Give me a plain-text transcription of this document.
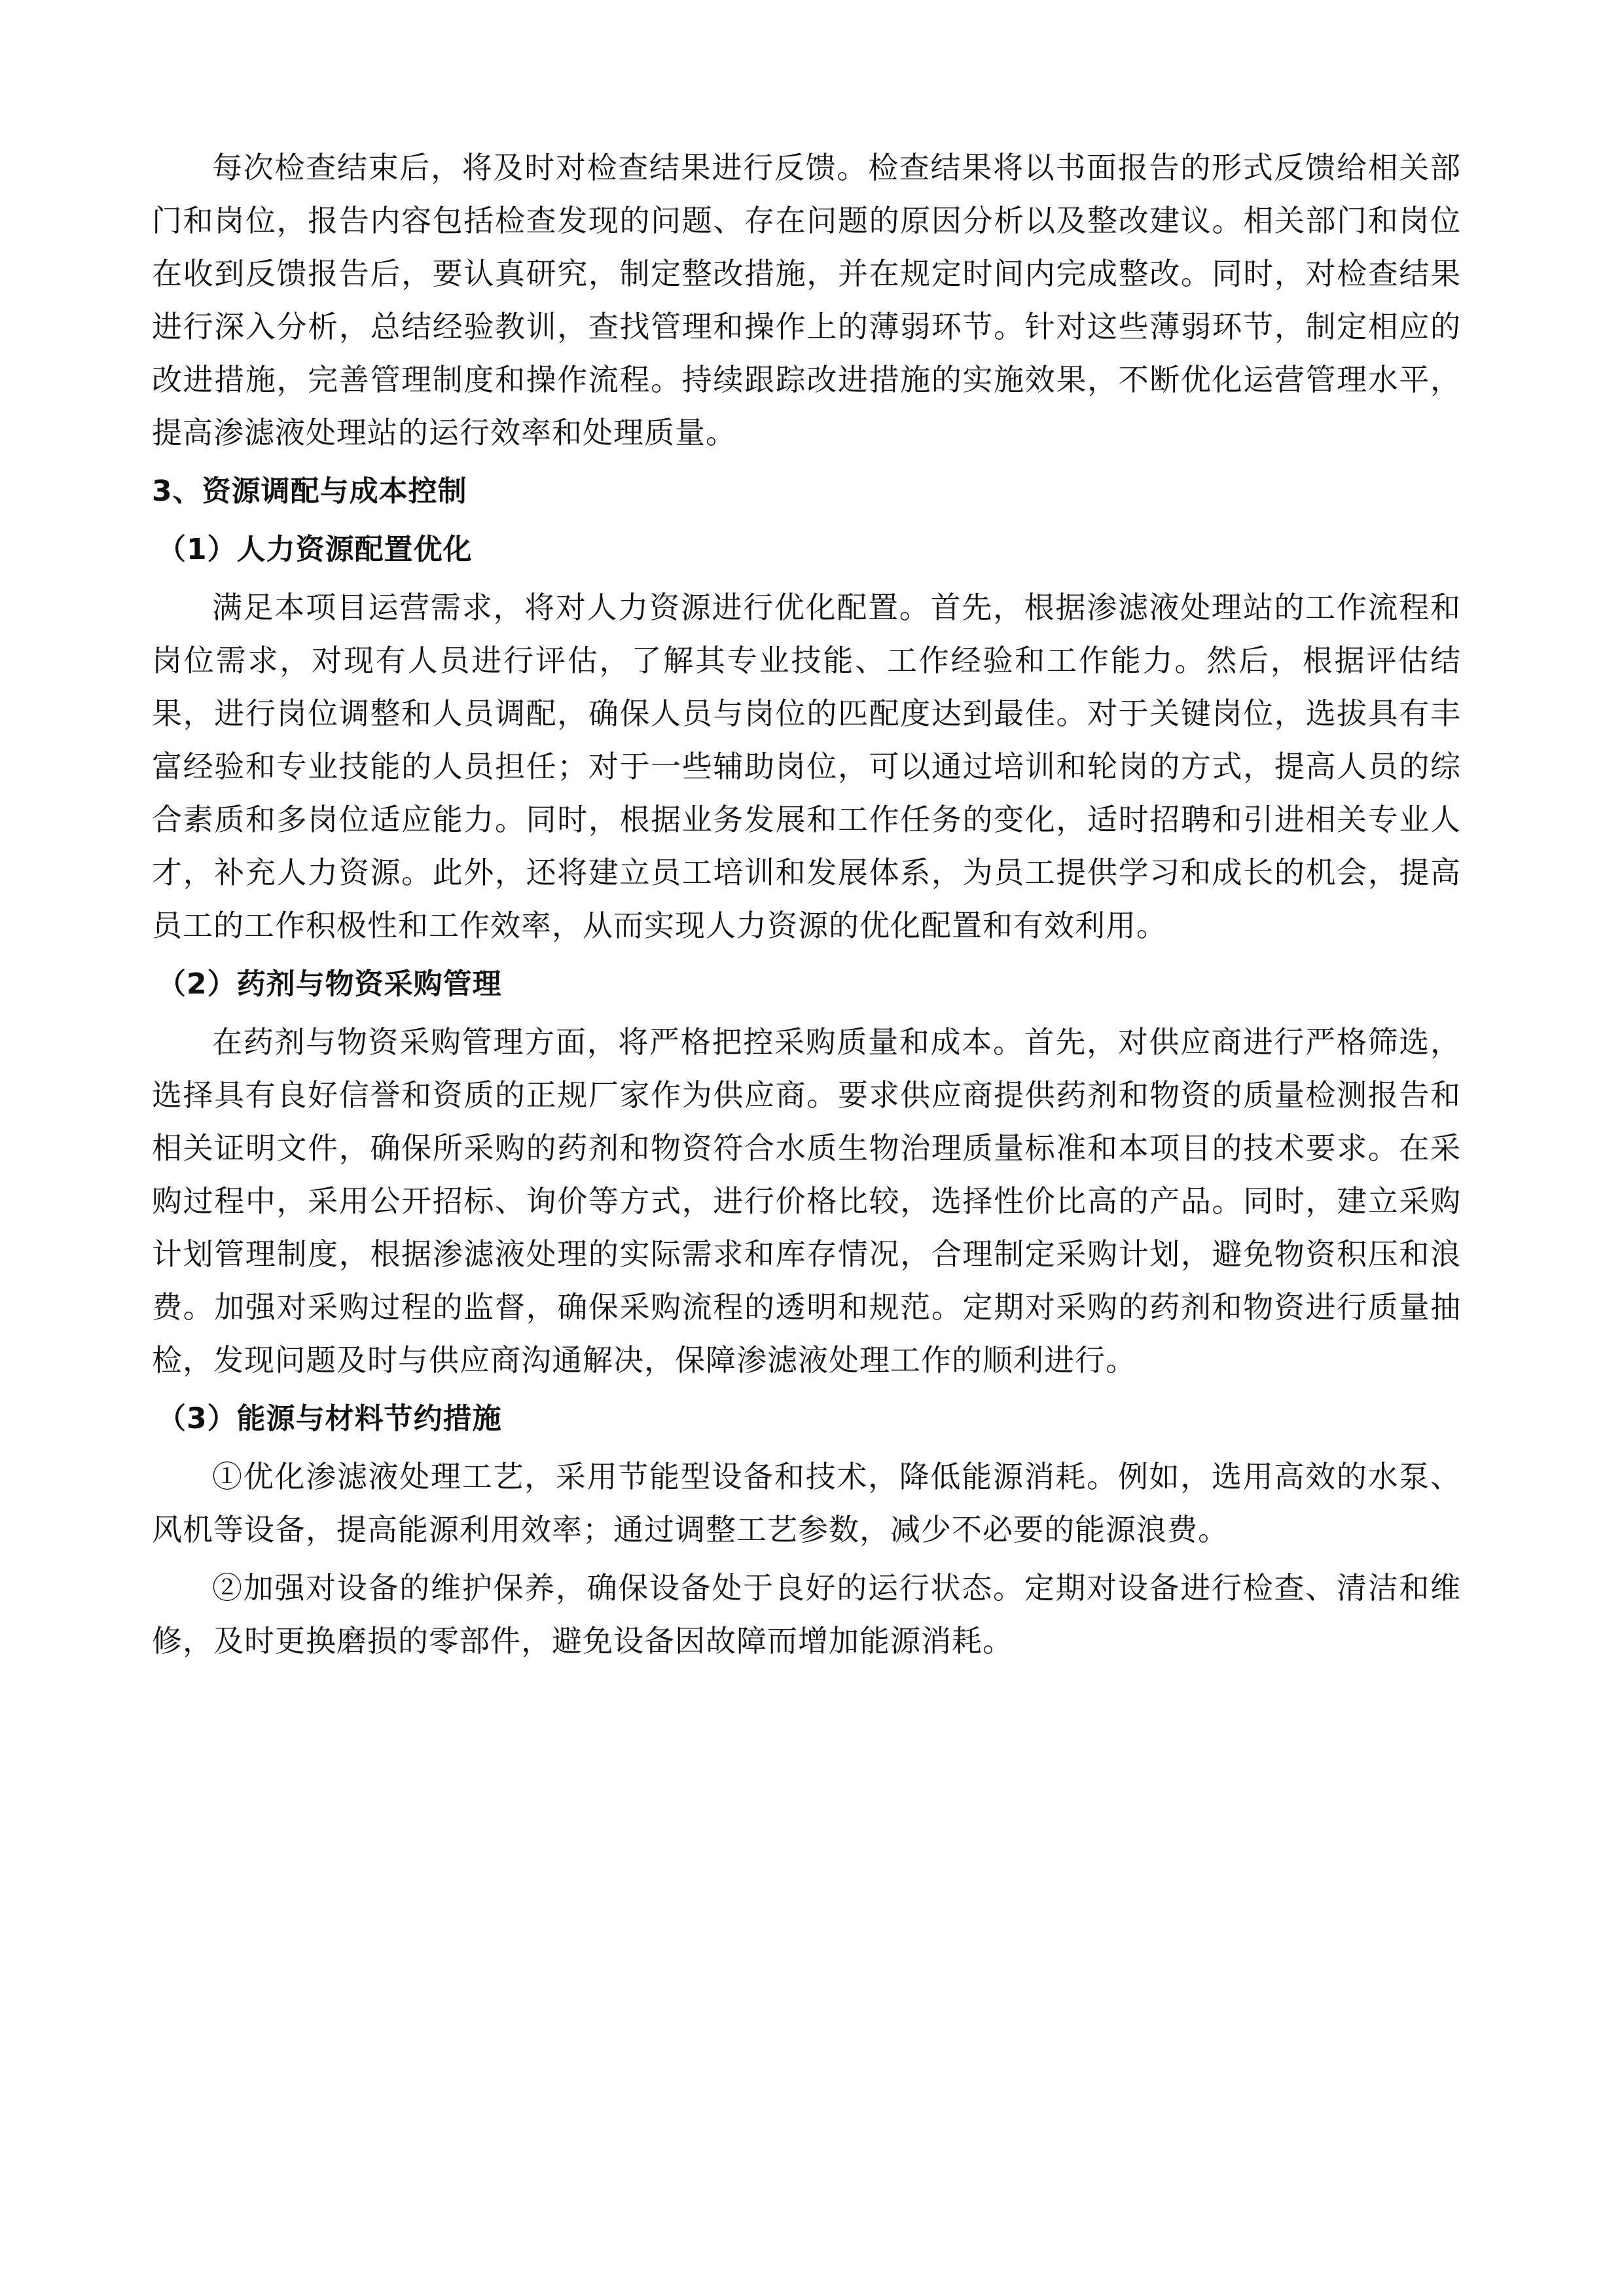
每次检查结束后，将及时对检查结果进行反馈。检查结果将以书面报告的形式反馈给相关部门和岗位，报告内容包括检查发现的问题、存在问题的原因分析以及整改建议。相关部门和岗位在收到反馈报告后，要认真研究，制定整改措施，并在规定时间内完成整改。同时，对检查结果进行深入分析，总结经验教训，查找管理和操作上的薄弱环节。针对这些薄弱环节，制定相应的改进措施，完善管理制度和操作流程。持续跟踪改进措施的实施效果，不断优化运营管理水平，提高渗滤液处理站的运行效率和处理质量。

3、资源调配与成本控制

（1）人力资源配置优化

满足本项目运营需求，将对人力资源进行优化配置。首先，根据渗滤液处理站的工作流程和岗位需求，对现有人员进行评估，了解其专业技能、工作经验和工作能力。然后，根据评估结果，进行岗位调整和人员调配，确保人员与岗位的匹配度达到最佳。对于关键岗位，选拔具有丰富经验和专业技能的人员担任；对于一些辅助岗位，可以通过培训和轮岗的方式，提高人员的综合素质和多岗位适应能力。同时，根据业务发展和工作任务的变化，适时招聘和引进相关专业人才，补充人力资源。此外，还将建立员工培训和发展体系，为员工提供学习和成长的机会，提高员工的工作积极性和工作效率，从而实现人力资源的优化配置和有效利用。

（2）药剂与物资采购管理

在药剂与物资采购管理方面，将严格把控采购质量和成本。首先，对供应商进行严格筛选，选择具有良好信誉和资质的正规厂家作为供应商。要求供应商提供药剂和物资的质量检测报告和相关证明文件，确保所采购的药剂和物资符合水质生物治理质量标准和本项目的技术要求。在采购过程中，采用公开招标、询价等方式，进行价格比较，选择性价比高的产品。同时，建立采购计划管理制度，根据渗滤液处理的实际需求和库存情况，合理制定采购计划，避免物资积压和浪费。加强对采购过程的监督，确保采购流程的透明和规范。定期对采购的药剂和物资进行质量抽检，发现问题及时与供应商沟通解决，保障渗滤液处理工作的顺利进行。

（3）能源与材料节约措施

①优化渗滤液处理工艺，采用节能型设备和技术，降低能源消耗。例如，选用高效的水泵、风机等设备，提高能源利用效率；通过调整工艺参数，减少不必要的能源浪费。

②加强对设备的维护保养，确保设备处于良好的运行状态。定期对设备进行检查、清洁和维修，及时更换磨损的零部件，避免设备因故障而增加能源消耗。
